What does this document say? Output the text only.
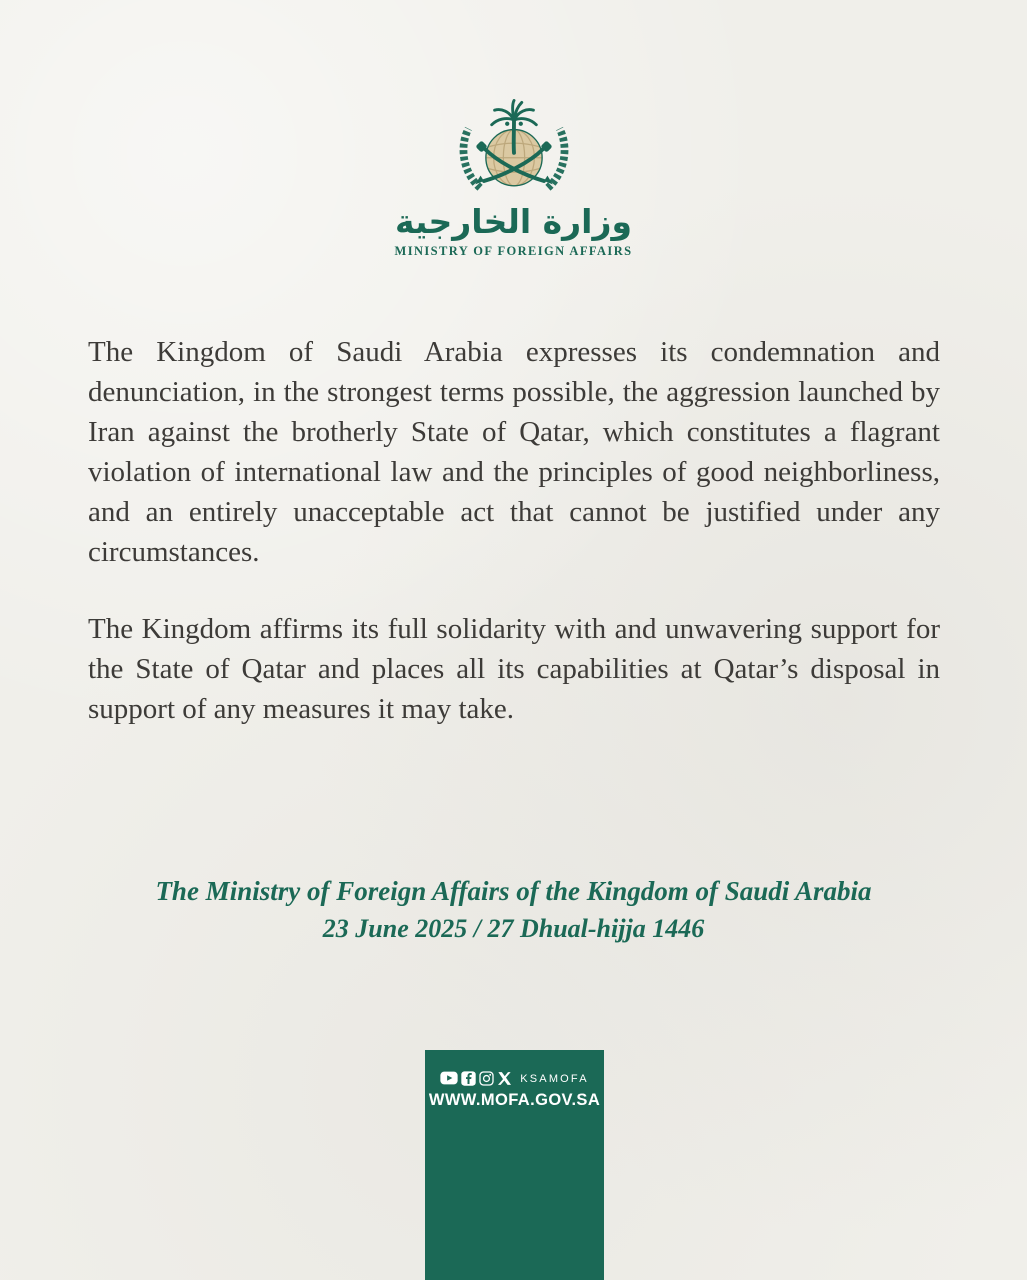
وزارة الخارجية
MINISTRY OF FOREIGN AFFAIRS

The Kingdom of Saudi Arabia expresses its condemnation and denunciation, in the strongest terms possible, the aggression launched by Iran against the brotherly State of Qatar, which constitutes a flagrant violation of international law and the principles of good neighborliness, and an entirely unacceptable act that cannot be justified under any circumstances.

The Kingdom affirms its full solidarity with and unwavering support for the State of Qatar and places all its capabilities at Qatar’s disposal in support of any measures it may take.

The Ministry of Foreign Affairs of the Kingdom of Saudi Arabia
23 June 2025 / 27 Dhual-hijja 1446
KSAMOFA
WWW.MOFA.GOV.SA
